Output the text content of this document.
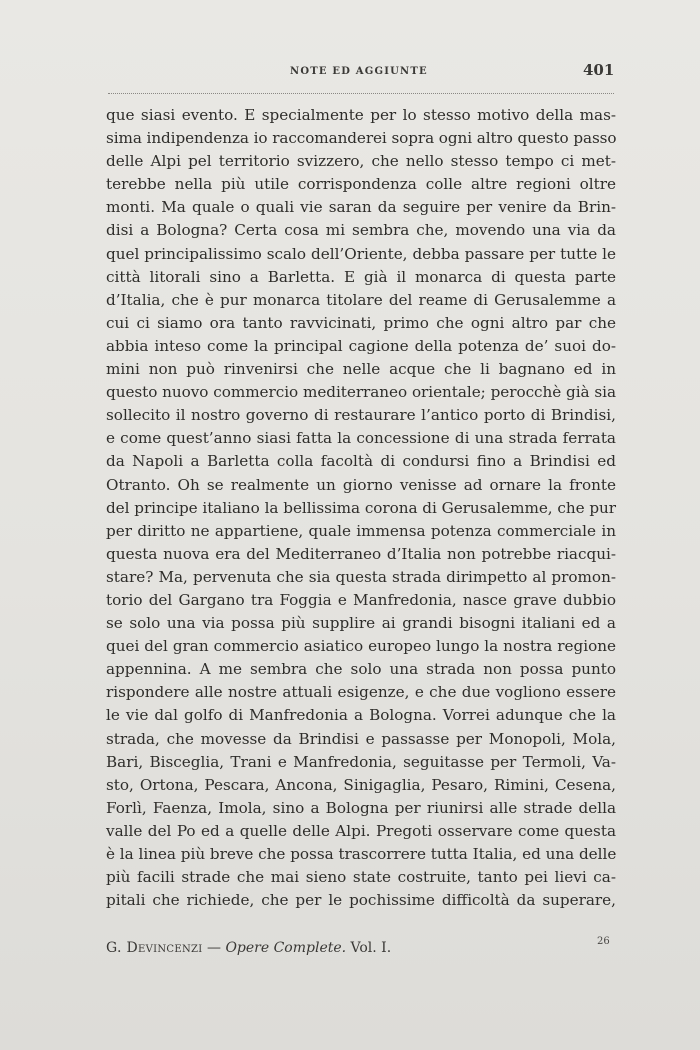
NOTE ED AGGIUNTE	401
que siasi evento. E specialmente per lo stesso motivo della mas-
sima indipendenza io raccomanderei sopra ogni altro questo passo
delle Alpi pel territorio svizzero, che nello stesso tempo ci met-
terebbe nella più utile corrispondenza colle altre regioni oltre
monti. Ma quale o quali vie saran da seguire per venire da Brin-
disi a Bologna? Certa cosa mi sembra che, movendo una via da
quel principalissimo scalo dell’Oriente, debba passare per tutte le
città litorali sino a Barletta. E già il monarca di questa parte
d’Italia, che è pur monarca titolare del reame di Gerusalemme a
cui ci siamo ora tanto ravvicinati, primo che ogni altro par che
abbia inteso come la principal cagione della potenza de’ suoi do-
mini non può rinvenirsi che nelle acque che li bagnano ed in
questo nuovo commercio mediterraneo orientale; perocchè già sia
sollecito il nostro governo di restaurare l’antico porto di Brindisi,
e come quest’anno siasi fatta la concessione di una strada ferrata
da Napoli a Barletta colla facoltà di condursi fino a Brindisi ed
Otranto. Oh se realmente un giorno venisse ad ornare la fronte
del principe italiano la bellissima corona di Gerusalemme, che pur
per diritto ne appartiene, quale immensa potenza commerciale in
questa nuova era del Mediterraneo d’Italia non potrebbe riacqui-
stare? Ma, pervenuta che sia questa strada dirimpetto al promon-
torio del Gargano tra Foggia e Manfredonia, nasce grave dubbio
se solo una via possa più supplire ai grandi bisogni italiani ed a
quei del gran commercio asiatico europeo lungo la nostra regione
appennina. A me sembra che solo una strada non possa punto
rispondere alle nostre attuali esigenze, e che due vogliono essere
le vie dal golfo di Manfredonia a Bologna. Vorrei adunque che la
strada, che movesse da Brindisi e passasse per Monopoli, Mola,
Bari, Bisceglia, Trani e Manfredonia, seguitasse per Termoli, Va-
sto, Ortona, Pescara, Ancona, Sinigaglia, Pesaro, Rimini, Cesena,
Forlì, Faenza, Imola, sino a Bologna per riunirsi alle strade della
valle del Po ed a quelle delle Alpi. Pregoti osservare come questa
è la linea più breve che possa trascorrere tutta Italia, ed una delle
più facili strade che mai sieno state costruite, tanto pei lievi ca-
pitali che richiede, che per le pochissime difficoltà da superare,
G. Devincenzi — Opere Complete. Vol. I.	26
